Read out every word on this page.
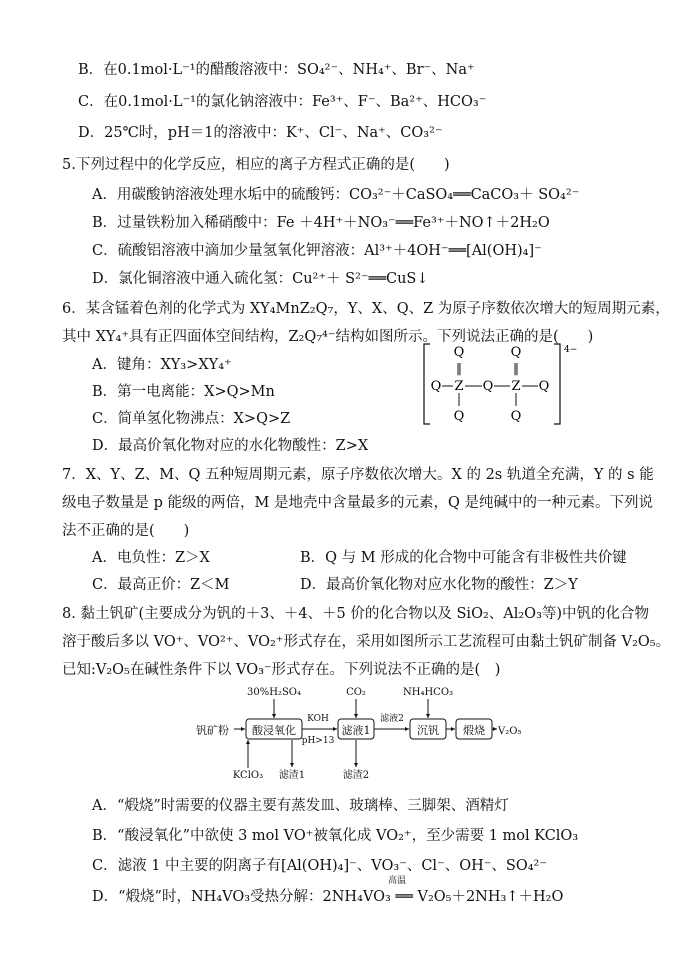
B．在0.1mol·L⁻¹的醋酸溶液中：SO₄²⁻、NH₄⁺、Br⁻、Na⁺
C．在0.1mol·L⁻¹的氯化钠溶液中：Fe³⁺、F⁻、Ba²⁺、HCO₃⁻
D．25℃时，pH＝1的溶液中：K⁺、Cl⁻、Na⁺、CO₃²⁻
5.下列过程中的化学反应，相应的离子方程式正确的是(　　)
A．用碳酸钠溶液处理水垢中的硫酸钙：CO₃²⁻＋CaSO₄══CaCO₃＋ SO₄²⁻
B．过量铁粉加入稀硝酸中：Fe ＋4H⁺＋NO₃⁻══Fe³⁺＋NO↑＋2H₂O
C．硫酸铝溶液中滴加少量氢氧化钾溶液：Al³⁺＋4OH⁻══[Al(OH)₄]⁻
D．氯化铜溶液中通入硫化氢：Cu²⁺＋ S²⁻══CuS↓
6．某含锰着色剂的化学式为 XY₄MnZ₂Q₇，Y、X、Q、Z 为原子序数依次增大的短周期元素，
其中 XY₄⁺具有正四面体空间结构，Z₂Q₇⁴⁻结构如图所示。下列说法正确的是(　　)
A．键角：XY₃>XY₄⁺
B．第一电离能：X>Q>Mn
C．简单氢化物沸点：X>Q>Z
D．最高价氧化物对应的水化物酸性：Z>X
4−
Q	Q
‖	‖
Q Z Q Z Q
Q	Q
7．X、Y、Z、M、Q 五种短周期元素，原子序数依次增大。X 的 2s 轨道全充满，Y 的 s 能
级电子数量是 p 能级的两倍，M 是地壳中含量最多的元素，Q 是纯碱中的一种元素。下列说
法不正确的是(　　)
A．电负性：Z＞X	B．Q 与 M 形成的化合物中可能含有非极性共价键
C．最高正价：Z＜M	D．最高价氧化物对应水化物的酸性：Z＞Y
8. 黏土钒矿(主要成分为钒的＋3、＋4、＋5 价的化合物以及 SiO₂、Al₂O₃等)中钒的化合物
溶于酸后多以 VO⁺、VO²⁺、VO₂⁺形式存在，采用如图所示工艺流程可由黏土钒矿制备 V₂O₅。
已知:V₂O₅在碱性条件下以 VO₃⁻形式存在。下列说法不正确的是(　)
30%H₂SO₄	CO₂	NH₄HCO₃
钒矿粉 酸浸氧化	滤液1	沉钒 煅烧 V₂O₅
KOH
pH>13
滤液2
KClO₃ 滤渣1	滤渣2
A．“煅烧”时需要的仪器主要有蒸发皿、玻璃棒、三脚架、酒精灯
B．“酸浸氧化”中欲使 3 mol VO⁺被氧化成 VO₂⁺，至少需要 1 mol KClO₃
C．滤液 1 中主要的阴离子有[Al(OH)₄]⁻、VO₃⁻、Cl⁻、OH⁻、SO₄²⁻
D．“煅烧”时，NH₄VO₃受热分解：2NH₄VO₃ ══ V₂O₅＋2NH₃↑＋H₂O
高温
